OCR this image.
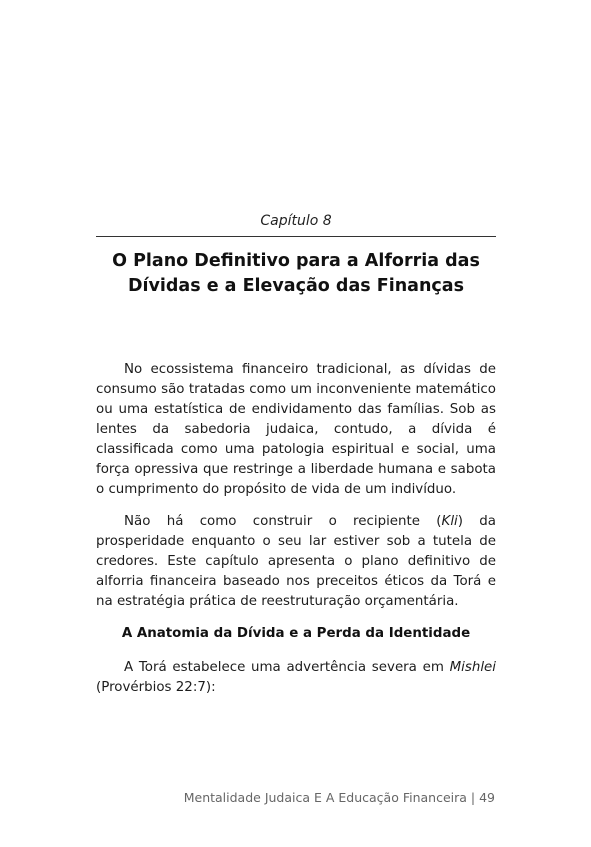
Capítulo 8
O Plano Definitivo para a Alforria das
Dívidas e a Elevação das Finanças

No ecossistema financeiro tradicional, as dívidas de consumo são tratadas como um inconveniente matemático ou uma estatística de endividamento das famílias. Sob as lentes da sabedoria judaica, contudo, a dívida é classificada como uma patologia espiritual e social, uma força opressiva que restringe a liberdade humana e sabota o cumprimento do propósito de vida de um indivíduo.

Não há como construir o recipiente (Kli) da prosperidade enquanto o seu lar estiver sob a tutela de credores. Este capítulo apresenta o plano definitivo de alforria financeira baseado nos preceitos éticos da Torá e na estratégia prática de reestruturação orçamentária.

A Anatomia da Dívida e a Perda da Identidade

A Torá estabelece uma advertência severa em Mishlei (Provérbios 22:7):

Mentalidade Judaica E A Educação Financeira | 49
